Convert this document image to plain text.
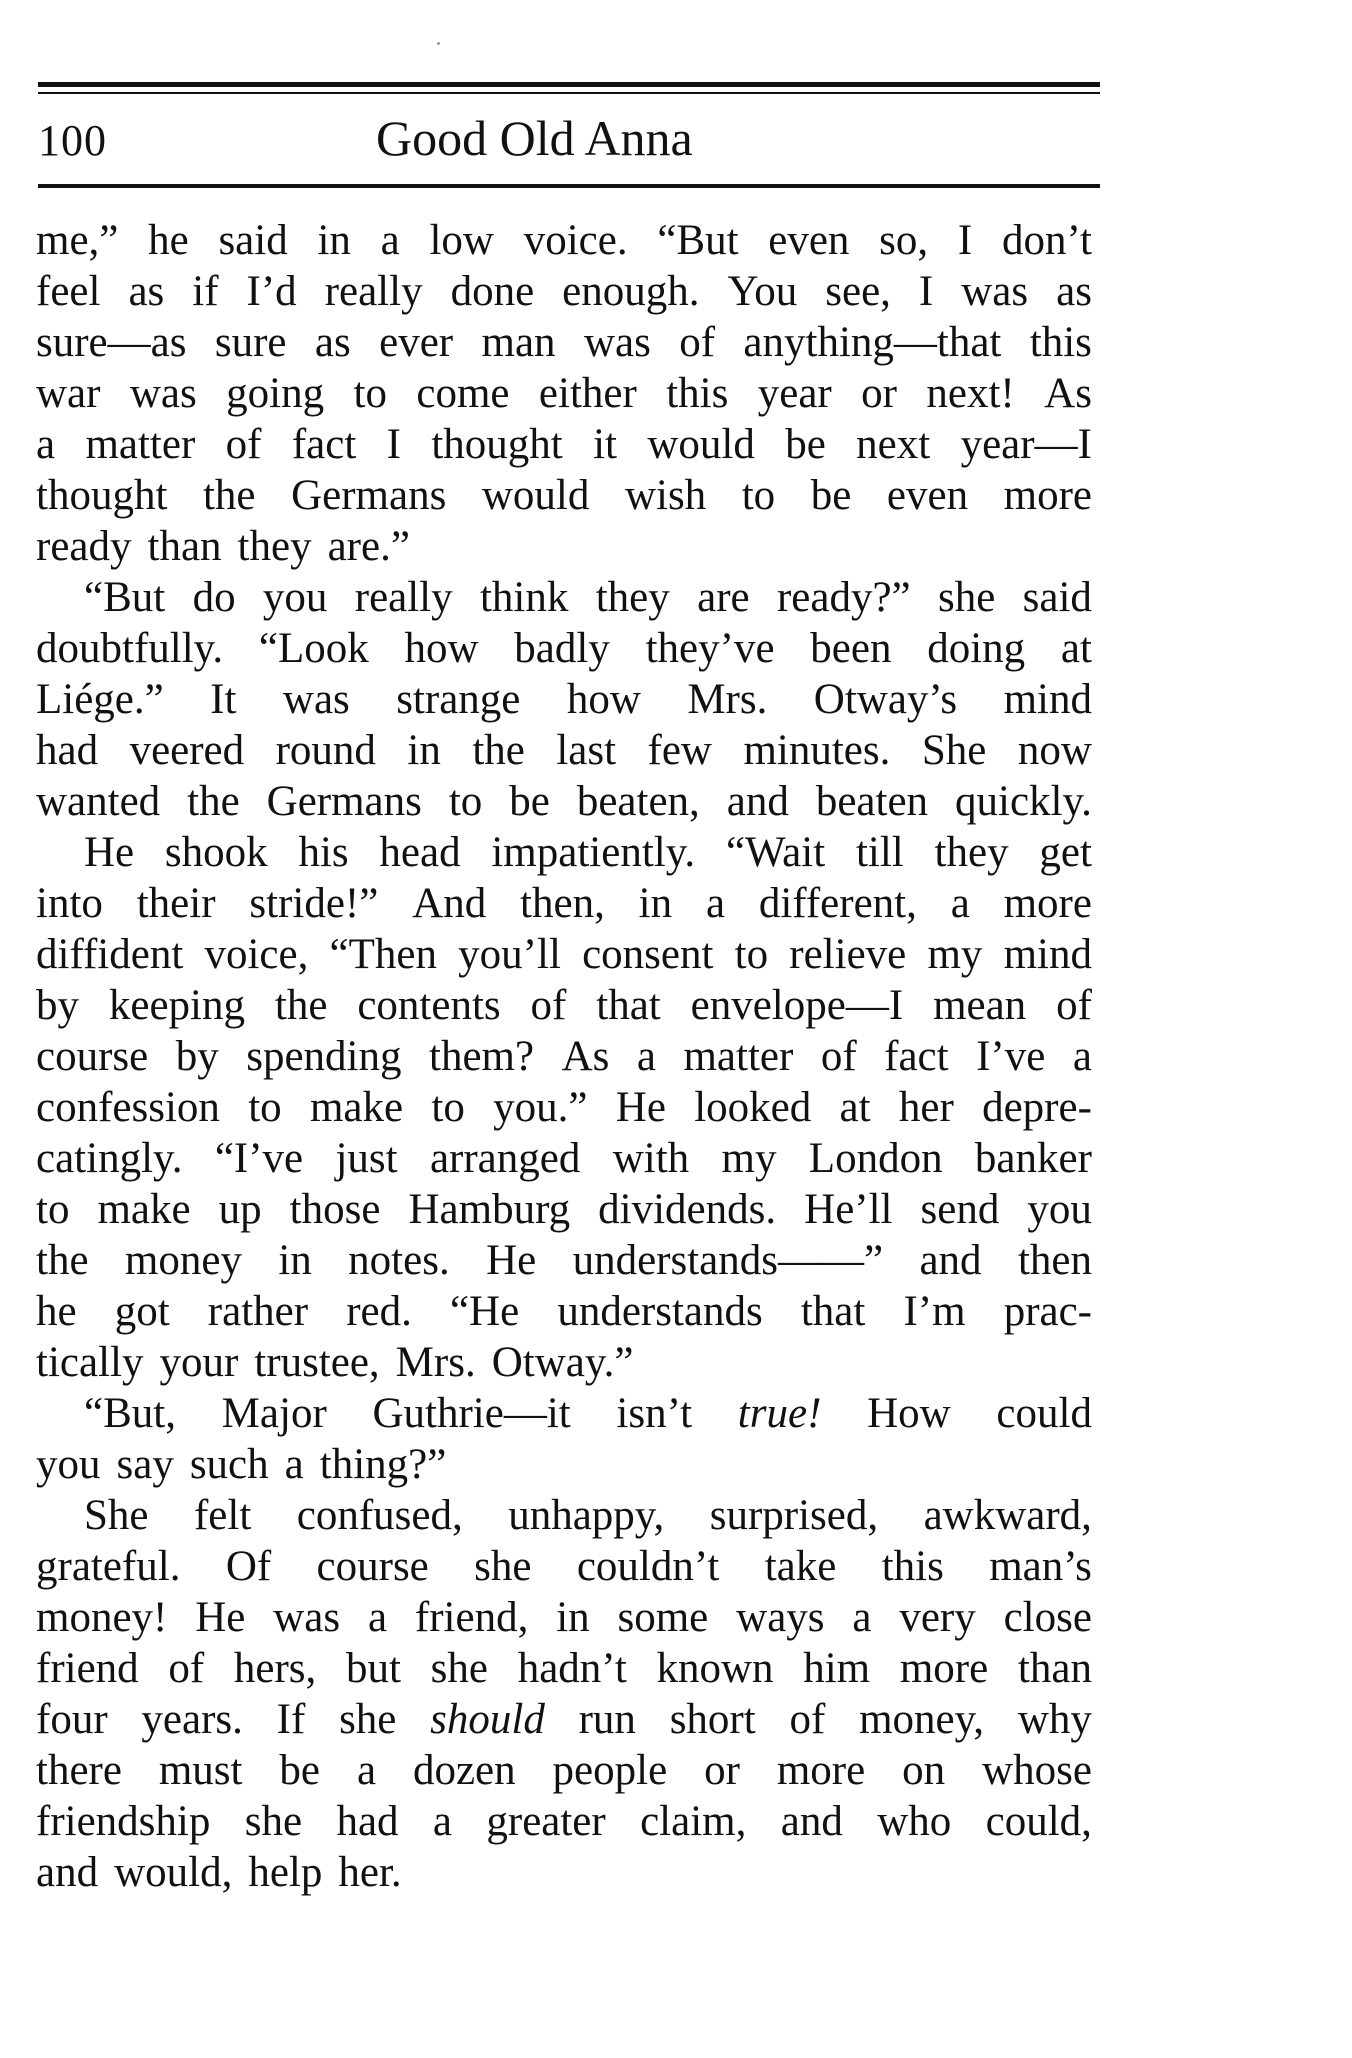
100	Good Old Anna
me,” he said in a low voice. “But even so, I don’t
feel as if I’d really done enough. You see, I was as
sure—as sure as ever man was of anything—that this
war was going to come either this year or next! As
a matter of fact I thought it would be next year—I
thought the Germans would wish to be even more
ready than they are.”
“But do you really think they are ready?” she said
doubtfully. “Look how badly they’ve been doing at
Liége.” It was strange how Mrs. Otway’s mind
had veered round in the last few minutes. She now
wanted the Germans to be beaten, and beaten quickly.
He shook his head impatiently. “Wait till they get
into their stride!” And then, in a different, a more
diffident voice, “Then you’ll consent to relieve my mind
by keeping the contents of that envelope—I mean of
course by spending them? As a matter of fact I’ve a
confession to make to you.” He looked at her depre-
catingly. “I’ve just arranged with my London banker
to make up those Hamburg dividends. He’ll send you
the money in notes. He understands——” and then
he got rather red. “He understands that I’m prac-
tically your trustee, Mrs. Otway.”
“But, Major Guthrie—it isn’t true! How could
you say such a thing?”
She felt confused, unhappy, surprised, awkward,
grateful. Of course she couldn’t take this man’s
money! He was a friend, in some ways a very close
friend of hers, but she hadn’t known him more than
four years. If she should run short of money, why
there must be a dozen people or more on whose
friendship she had a greater claim, and who could,
and would, help her.
